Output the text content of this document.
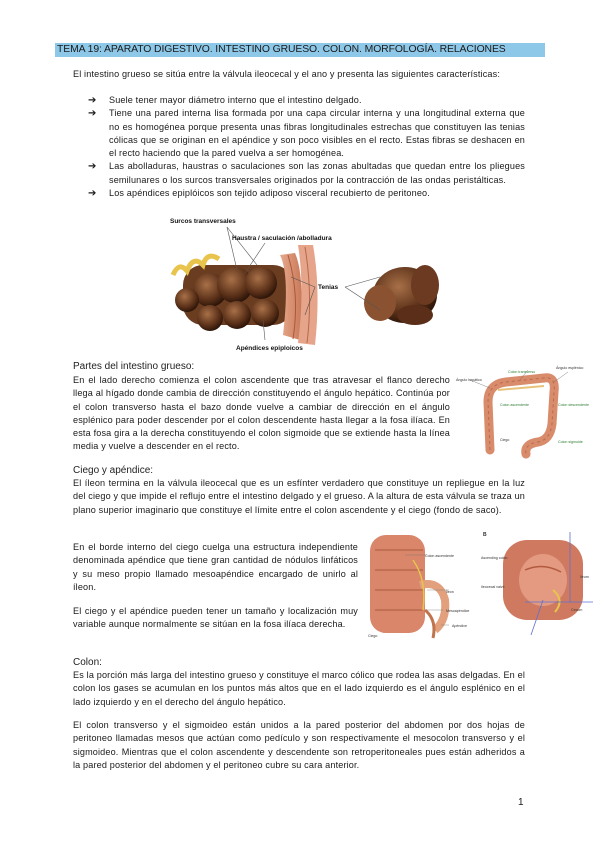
TEMA 19: APARATO DIGESTIVO. INTESTINO GRUESO. COLON. MORFOLOGÍA. RELACIONES
El intestino grueso se sitúa entre la válvula ileocecal y el ano y presenta las siguientes características:
➔ Suele tener mayor diámetro interno que el intestino delgado.
➔ Tiene una pared interna lisa formada por una capa circular interna y una longitudinal externa que no es homogénea porque presenta unas fibras longitudinales estrechas que constituyen las tenias cólicas que se originan en el apéndice y son poco visibles en el recto. Estas fibras se deshacen en el recto haciendo que la pared vuelva a ser homogénea.
➔ Las abolladuras, haustras o saculaciones son las zonas abultadas que quedan entre los pliegues semilunares o los surcos transversales originados por la contracción de las ondas peristálticas.
➔ Los apéndices epiplóicos son tejido adiposo visceral recubierto de peritoneo.
Surcos transversales
Haustra / saculación /abolladura
Tenias
Apéndices epiploicos
Partes del intestino grueso:
En el lado derecho comienza el colon ascendente que tras atravesar el flanco derecho llega al hígado donde cambia de dirección constituyendo el ángulo hepático. Continúa por el colon transverso hasta el bazo donde vuelve a cambiar de dirección en el ángulo esplénico para poder descender por el colon descendente hasta llegar a la fosa ilíaca. En esta fosa gira a la derecha constituyendo el colon sigmoide que se extiende hasta la línea media y vuelve a descender en el recto.
Ángulo hepático
Colon transverso
Ángulo esplénico
Colon ascendente	Colon descendente
Ciego	Colon sigmoide
Ciego y apéndice:
El íleon termina en la válvula ileocecal que es un esfínter verdadero que constituye un repliegue en la luz del ciego y que impide el reflujo entre el intestino delgado y el grueso. A la altura de esta válvula se traza un plano superior imaginario que constituye el límite entre el colon ascendente y el ciego (fondo de saco).
En el borde interno del ciego cuelga una estructura independiente denominada apéndice que tiene gran cantidad de nódulos linfáticos y su meso propio llamado mesoapéndice encargado de unirlo al íleon.
El ciego y el apéndice pueden tener un tamaño y localización muy variable aunque normalmente se sitúan en la fosa ilíaca derecha.
Colon ascendente
Íleon
Mesoapéndice
Apéndice
Ciego
B
Ascending colon
Ileum
Ileocecal valve
Cecum
Colon:
Es la porción más larga del intestino grueso y constituye el marco cólico que rodea las asas delgadas. En el colon los gases se acumulan en los puntos más altos que en el lado izquierdo es el ángulo esplénico en el lado izquierdo y en el derecho del ángulo hepático.
El colon transverso y el sigmoideo están unidos a la pared posterior del abdomen por dos hojas de peritoneo llamadas mesos que actúan como pedículo y son respectivamente el mesocolon transverso y el sigmoideo. Mientras que el colon ascendente y descendente son retroperitoneales pues están adheridos a la pared posterior del abdomen y el peritoneo cubre su cara anterior.
1
